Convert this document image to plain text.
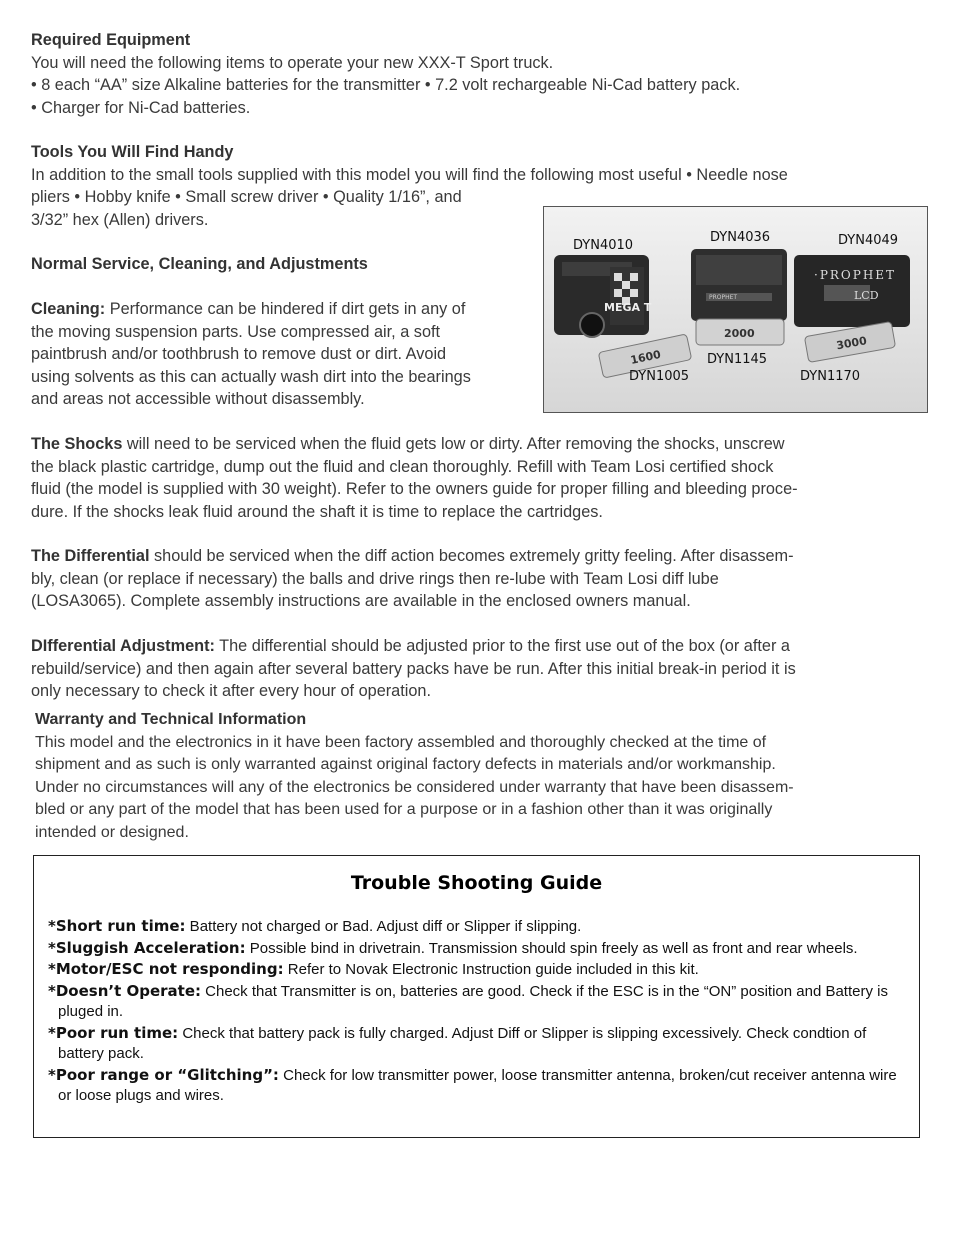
Required Equipment
You will need the following items to operate your new XXX-T Sport truck.
• 8 each “AA” size Alkaline batteries for the transmitter • 7.2 volt rechargeable Ni-Cad battery pack.
• Charger for Ni-Cad batteries.
Tools You Will Find Handy
In addition to the small tools supplied with this model you will find the following most useful • Needle nose
pliers • Hobby knife • Small screw driver • Quality 1/16”, and
3/32” hex (Allen) drivers.
Normal Service, Cleaning, and Adjustments
Cleaning: Performance can be hindered if dirt gets in any of
the moving suspension parts. Use compressed air, a soft
paintbrush and/or toothbrush to remove dust or dirt. Avoid
using solvents as this can actually wash dirt into the bearings
and areas not accessible without disassembly.
MEGA T
PROPHET
·PROPHET
LCD
1600
2000
3000
DYN4010
DYN4036	DYN4049
DYN1145
DYN1005	DYN1170
The Shocks will need to be serviced when the fluid gets low or dirty. After removing the shocks, unscrew
the black plastic cartridge, dump out the fluid and clean thoroughly. Refill with Team Losi certified shock
fluid (the model is supplied with 30 weight). Refer to the owners guide for proper filling and bleeding proce-
dure. If the shocks leak fluid around the shaft it is time to replace the cartridges.
The Differential should be serviced when the diff action becomes extremely gritty feeling. After disassem-
bly, clean (or replace if necessary) the balls and drive rings then re-lube with Team Losi diff lube
(LOSA3065). Complete assembly instructions are available in the enclosed owners manual.
DIfferential Adjustment: The differential should be adjusted prior to the first use out of the box (or after a
rebuild/service) and then again after several battery packs have be run. After this initial break-in period it is
only necessary to check it after every hour of operation.
Warranty and Technical Information
This model and the electronics in it have been factory assembled and thoroughly checked at the time of
shipment and as such is only warranted against original factory defects in materials and/or workmanship.
Under no circumstances will any of the electronics be considered under warranty that have been disassem-
bled or any part of the model that has been used for a purpose or in a fashion other than it was originally
intended or designed.
Trouble Shooting Guide
*Short run time: Battery not charged or Bad. Adjust diff or Slipper if slipping.
*Sluggish Acceleration: Possible bind in drivetrain. Transmission should spin freely as well as front and rear wheels.
*Motor/ESC not responding: Refer to Novak Electronic Instruction guide included in this kit.
*Doesn’t Operate: Check that Transmitter is on, batteries are good. Check if the ESC is in the “ON” position and Battery is pluged in.
*Poor run time: Check that battery pack is fully charged. Adjust Diff or Slipper is slipping excessively. Check condtion of battery pack.
*Poor range or “Glitching”: Check for low transmitter power, loose transmitter antenna, broken/cut receiver antenna wire or loose plugs and wires.
